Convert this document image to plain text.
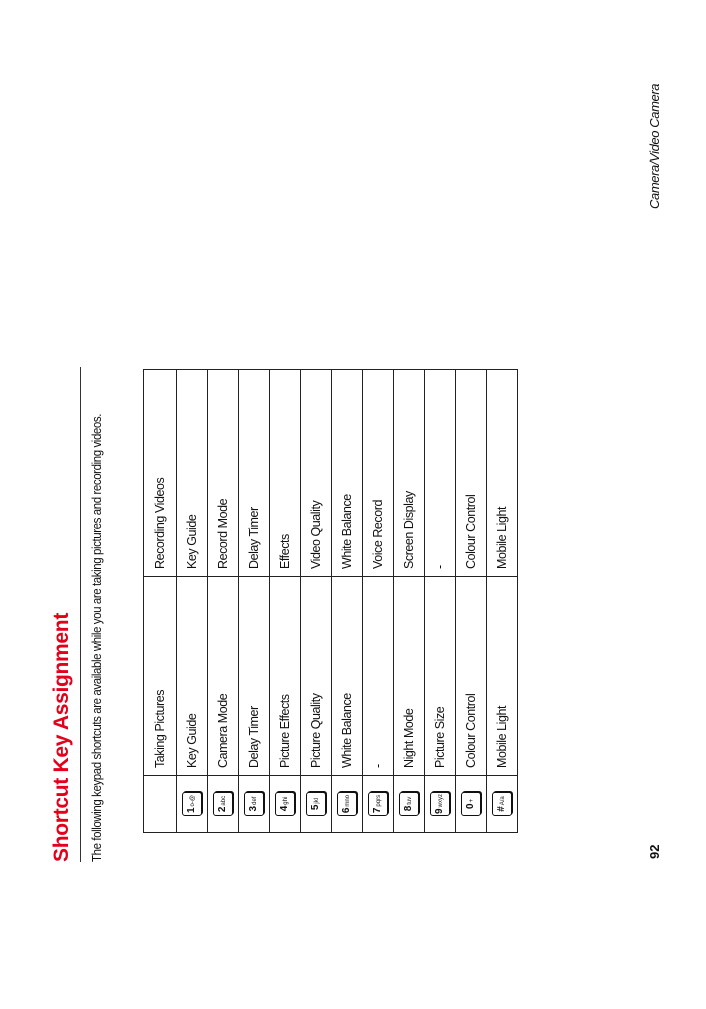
Shortcut Key Assignment The following keypad shortcuts are available while you are taking pictures and recording videos.
		Taking Pictures	Recording Videos
1o-@	Key Guide	Key Guide
2abc	Camera Mode	Record Mode
3def	Delay Timer	Delay Timer
4ghi	Picture Effects	Effects
5jkl	Picture Quality	Video Quality
6mno	White Balance	White Balance
7pqrs	-	Voice Record
8tuv	Night Mode	Screen Display
9wxyz	Picture Size	-
0+	Colour Control	Colour Control
#A/a	Mobile Light	Mobile Light
92
Camera/Video Camera
